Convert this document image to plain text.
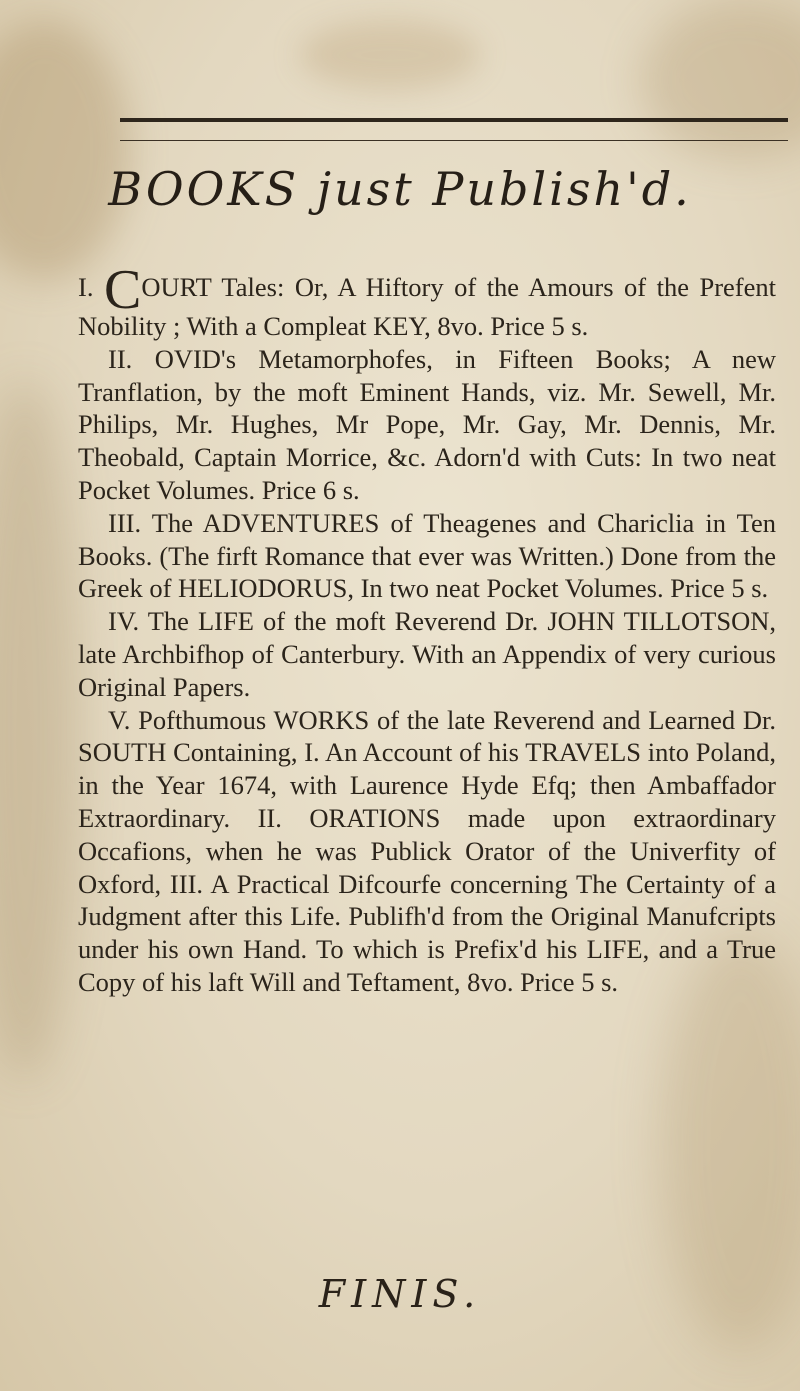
BOOKS just Publish'd.

I. COURT Tales: Or, A Hiftory of the Amours of the Prefent Nobility ; With a Compleat KEY, 8vo. Price 5 s.

II. OVID's Metamorphofes, in Fifteen Books; A new Tranflation, by the moft Eminent Hands, viz. Mr. Sewell, Mr. Philips, Mr. Hughes, Mr Pope, Mr. Gay, Mr. Dennis, Mr. Theobald, Captain Morrice, &c. Adorn'd with Cuts: In two neat Pocket Volumes. Price 6 s.

III. The ADVENTURES of Theagenes and Chariclia in Ten Books. (The firft Romance that ever was Written.) Done from the Greek of HELIODORUS, In two neat Pocket Volumes. Price 5 s.

IV. The LIFE of the moft Reverend Dr. JOHN TILLOTSON, late Archbifhop of Canterbury. With an Appendix of very curious Original Papers.

V. Pofthumous WORKS of the late Reverend and Learned Dr. SOUTH Containing, I. An Account of his TRAVELS into Poland, in the Year 1674, with Laurence Hyde Efq; then Ambaffador Extraordinary. II. ORATIONS made upon extraordinary Occafions, when he was Publick Orator of the Univerfity of Oxford, III. A Practical Difcourfe concerning The Certainty of a Judgment after this Life. Publifh'd from the Original Manufcripts under his own Hand. To which is Prefix'd his LIFE, and a True Copy of his laft Will and Teftament, 8vo. Price 5 s.

FINIS.
